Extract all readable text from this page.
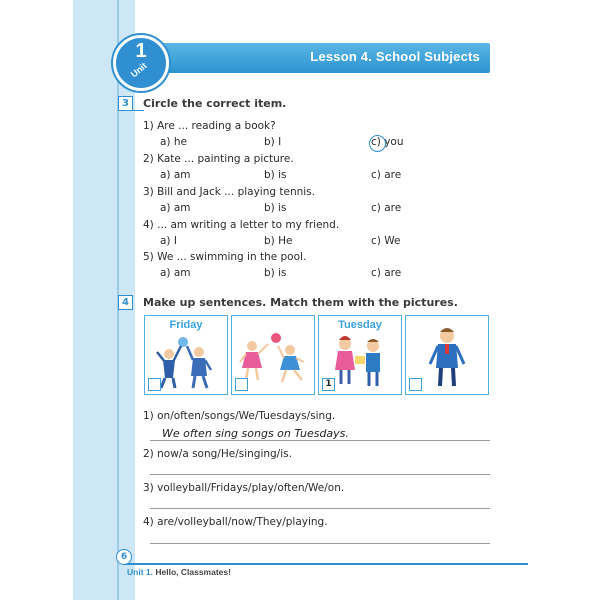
Lesson 4. School Subjects
1
Unit
3	Circle the correct item.
1) Are ... reading a book?
a) he	b) I	c) you
2) Kate ... painting a picture.
a) am	b) is	c) are
3) Bill and Jack ... playing tennis.
a) am	b) is	c) are
4) ... am writing a letter to my friend.
a) I	b) He	c) We
5) We ... swimming in the pool.
a) am	b) is	c) are
4	Make up sentences. Match them with the pictures.
Friday	Tuesday
1
1) on/often/songs/We/Tuesdays/sing.
We often sing songs on Tuesdays.
2) now/a song/He/singing/is.
3) volleyball/Fridays/play/often/We/on.
4) are/volleyball/now/They/playing.
6
Unit 1. Hello, Classmates!
